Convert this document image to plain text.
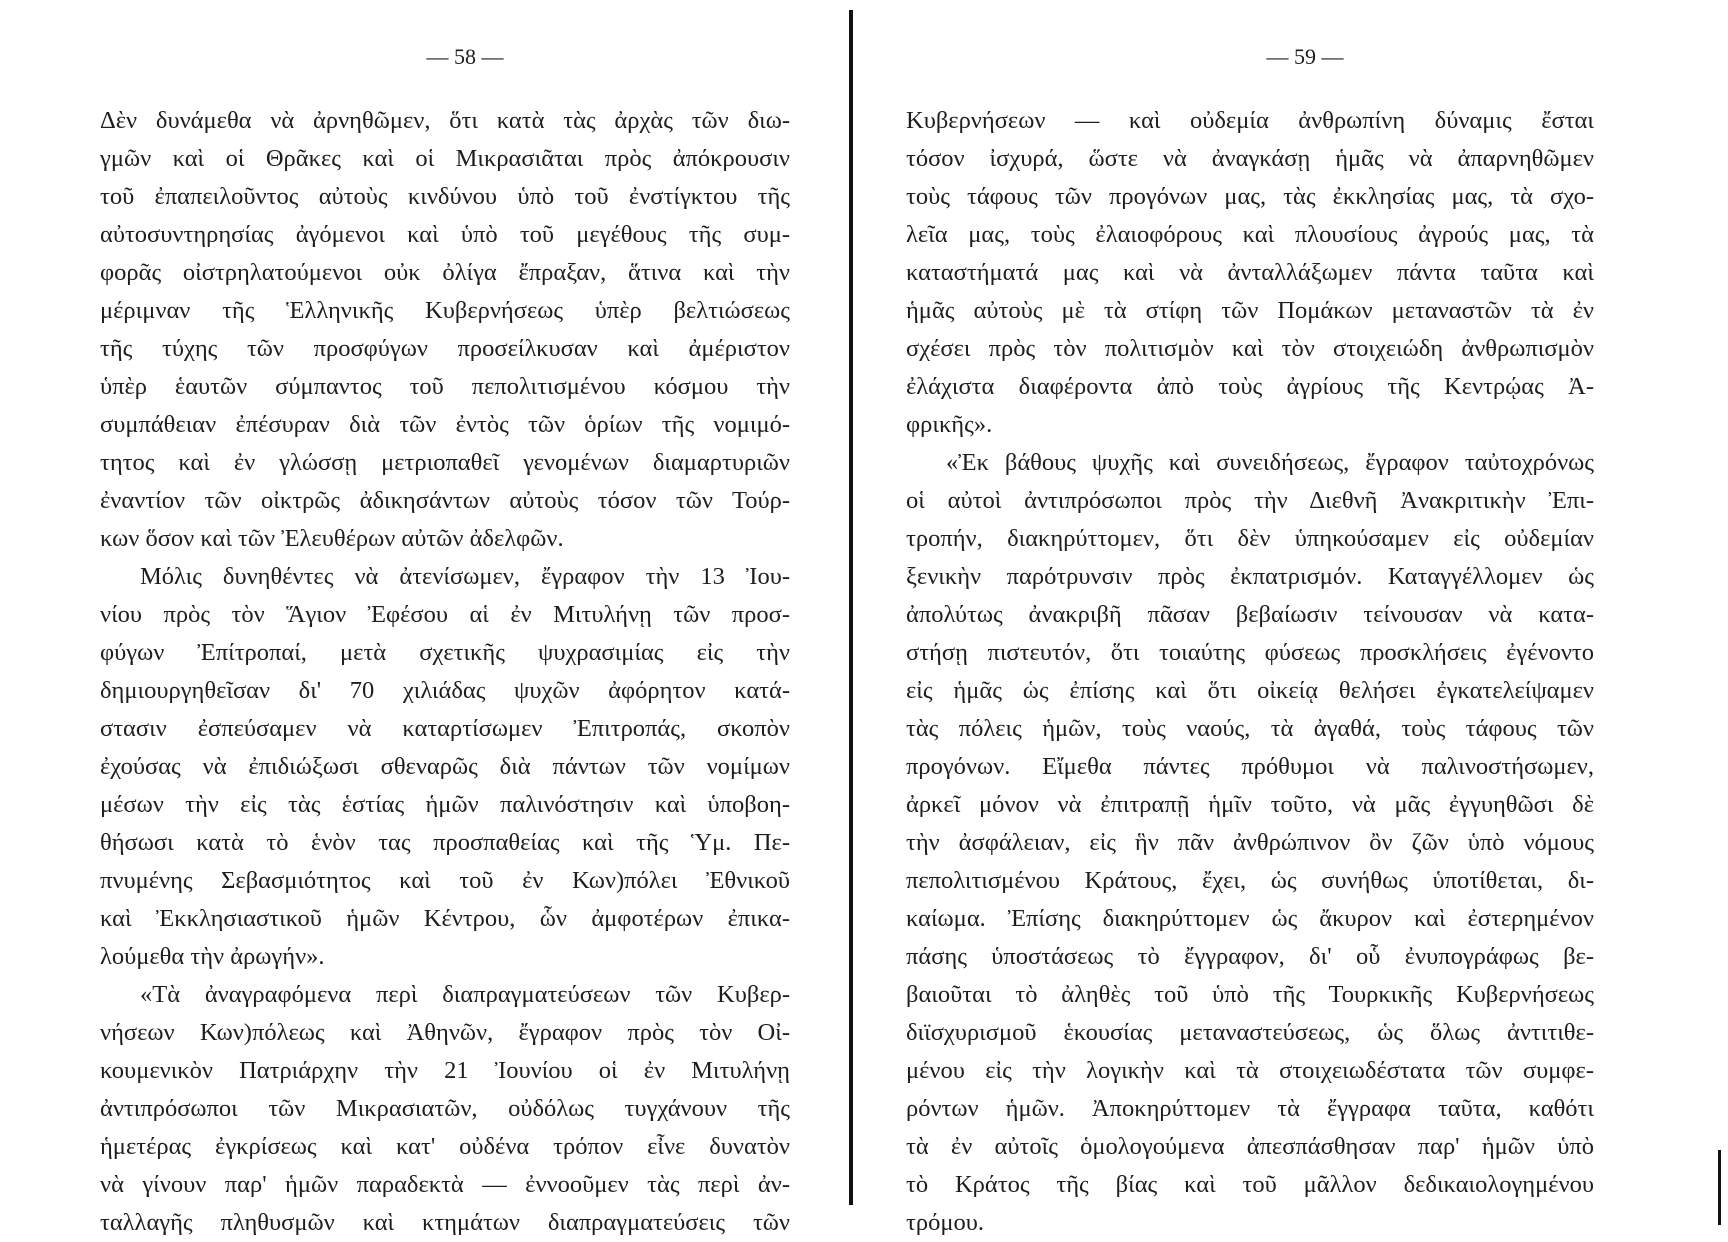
— 58 —
Δὲν δυνάμεθα νὰ ἀρνηθῶμεν, ὅτι κατὰ τὰς ἀρχὰς τῶν διω-
γμῶν καὶ οἱ Θρᾶκες καὶ οἱ Μικρασιᾶται πρὸς ἀπόκρουσιν
τοῦ ἐπαπειλοῦντος αὐτοὺς κινδύνου ὑπὸ τοῦ ἐνστίγκτου τῆς
αὐτοσυντηρησίας ἀγόμενοι καὶ ὑπὸ τοῦ μεγέθους τῆς συμ-
φορᾶς οἰστρηλατούμενοι οὐκ ὀλίγα ἔπραξαν, ἅτινα καὶ τὴν
μέριμναν τῆς Ἑλληνικῆς Κυβερνήσεως ὑπὲρ βελτιώσεως
τῆς τύχης τῶν προσφύγων προσείλκυσαν καὶ ἀμέριστον
ὑπὲρ ἑαυτῶν σύμπαντος τοῦ πεπολιτισμένου κόσμου τὴν
συμπάθειαν ἐπέσυραν διὰ τῶν ἐντὸς τῶν ὁρίων τῆς νομιμό-
τητος καὶ ἐν γλώσσῃ μετριοπαθεῖ γενομένων διαμαρτυριῶν
ἐναντίον τῶν οἰκτρῶς ἀδικησάντων αὐτοὺς τόσον τῶν Τούρ-
κων ὅσον καὶ τῶν Ἐλευθέρων αὐτῶν ἀδελφῶν.
Μόλις δυνηθέντες νὰ ἀτενίσωμεν, ἔγραφον τὴν 13 Ἰου-
νίου πρὸς τὸν Ἅγιον Ἐφέσου αἱ ἐν Μιτυλήνῃ τῶν προσ-
φύγων Ἐπίτροπαί, μετὰ σχετικῆς ψυχρασιμίας εἰς τὴν
δημιουργηθεῖσαν δι' 70 χιλιάδας ψυχῶν ἀφόρητον κατά-
στασιν ἐσπεύσαμεν νὰ καταρτίσωμεν Ἐπιτροπάς, σκοπὸν
ἐχούσας νὰ ἐπιδιώξωσι σθεναρῶς διὰ πάντων τῶν νομίμων
μέσων τὴν εἰς τὰς ἑστίας ἡμῶν παλινόστησιν καὶ ὑποβοη-
θήσωσι κατὰ τὸ ἑνὸν τας προσπαθείας καὶ τῆς Ὑμ. Πε-
πνυμένης Σεβασμιότητος καὶ τοῦ ἐν Κων)πόλει Ἐθνικοῦ
καὶ Ἐκκλησιαστικοῦ ἡμῶν Κέντρου, ὧν ἀμφοτέρων ἐπικα-
λούμεθα τὴν ἀρωγήν».
«Τὰ ἀναγραφόμενα περὶ διαπραγματεύσεων τῶν Κυβερ-
νήσεων Κων)πόλεως καὶ Ἀθηνῶν, ἔγραφον πρὸς τὸν Οἰ-
κουμενικὸν Πατριάρχην τὴν 21 Ἰουνίου οἱ ἐν Μιτυλήνῃ
ἀντιπρόσωποι τῶν Μικρασιατῶν, οὐδόλως τυγχάνουν τῆς
ἡμετέρας ἐγκρίσεως καὶ κατ' οὐδένα τρόπον εἶνε δυνατὸν
νὰ γίνουν παρ' ἡμῶν παραδεκτὰ — ἐννοοῦμεν τὰς περὶ ἀν-
ταλλαγῆς πληθυσμῶν καὶ κτημάτων διαπραγματεύσεις τῶν
— 59 —
Κυβερνήσεων — καὶ οὐδεμία ἀνθρωπίνη δύναμις ἔσται
τόσον ἰσχυρά, ὥστε νὰ ἀναγκάσῃ ἡμᾶς νὰ ἀπαρνηθῶμεν
τοὺς τάφους τῶν προγόνων μας, τὰς ἐκκλησίας μας, τὰ σχο-
λεῖα μας, τοὺς ἐλαιοφόρους καὶ πλουσίους ἀγρούς μας, τὰ
καταστήματά μας καὶ νὰ ἀνταλλάξωμεν πάντα ταῦτα καὶ
ἡμᾶς αὐτοὺς μὲ τὰ στίφη τῶν Πομάκων μεταναστῶν τὰ ἐν
σχέσει πρὸς τὸν πολιτισμὸν καὶ τὸν στοιχειώδη ἀνθρωπισμὸν
ἐλάχιστα διαφέροντα ἀπὸ τοὺς ἀγρίους τῆς Κεντρῴας Ἀ-
φρικῆς».
«Ἐκ βάθους ψυχῆς καὶ συνειδήσεως, ἔγραφον ταὐτοχρόνως
οἱ αὐτοὶ ἀντιπρόσωποι πρὸς τὴν Διεθνῆ Ἀνακριτικὴν Ἐπι-
τροπήν, διακηρύττομεν, ὅτι δὲν ὑπηκούσαμεν εἰς οὐδεμίαν
ξενικὴν παρότρυνσιν πρὸς ἐκπατρισμόν. Καταγγέλλομεν ὡς
ἀπολύτως ἀνακριβῆ πᾶσαν βεβαίωσιν τείνουσαν νὰ κατα-
στήσῃ πιστευτόν, ὅτι τοιαύτης φύσεως προσκλήσεις ἐγένοντο
εἰς ἡμᾶς ὡς ἐπίσης καὶ ὅτι οἰκείᾳ θελήσει ἐγκατελείψαμεν
τὰς πόλεις ἡμῶν, τοὺς ναούς, τὰ ἀγαθά, τοὺς τάφους τῶν
προγόνων. Εἴμεθα πάντες πρόθυμοι νὰ παλινοστήσωμεν,
ἀρκεῖ μόνον νὰ ἐπιτραπῇ ἡμῖν τοῦτο, νὰ μᾶς ἐγγυηθῶσι δὲ
τὴν ἀσφάλειαν, εἰς ἣν πᾶν ἀνθρώπινον ὂν ζῶν ὑπὸ νόμους
πεπολιτισμένου Κράτους, ἔχει, ὡς συνήθως ὑποτίθεται, δι-
καίωμα. Ἐπίσης διακηρύττομεν ὡς ἄκυρον καὶ ἐστερημένον
πάσης ὑποστάσεως τὸ ἔγγραφον, δι' οὗ ἐνυπογράφως βε-
βαιοῦται τὸ ἀληθὲς τοῦ ὑπὸ τῆς Τουρκικῆς Κυβερνήσεως
διϊσχυρισμοῦ ἑκουσίας μεταναστεύσεως, ὡς ὅλως ἀντιτιθε-
μένου εἰς τὴν λογικὴν καὶ τὰ στοιχειωδέστατα τῶν συμφε-
ρόντων ἡμῶν. Ἀποκηρύττομεν τὰ ἔγγραφα ταῦτα, καθότι
τὰ ἐν αὐτοῖς ὁμολογούμενα ἀπεσπάσθησαν παρ' ἡμῶν ὑπὸ
τὸ Κράτος τῆς βίας καὶ τοῦ μᾶλλον δεδικαιολογημένου
τρόμου.
